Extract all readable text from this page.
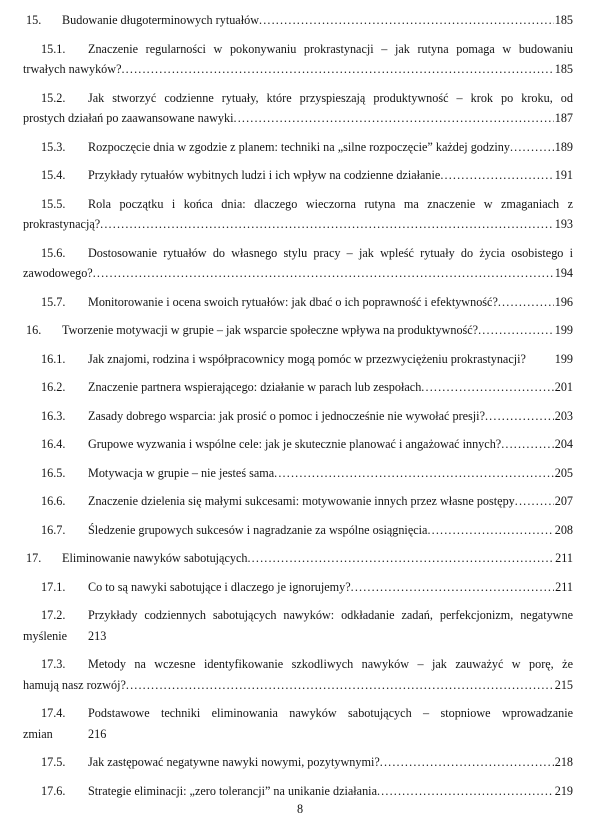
15.	Budowanie długoterminowych rytuałów .....	185
15.1.	Znaczenie regularności w pokonywaniu prokrastynacji – jak rutyna pomaga w budowaniu
trwałych nawyków? .....	185
15.2.	Jak stworzyć codzienne rytuały, które przyspieszają produktywność – krok po kroku, od
prostych działań po zaawansowane nawyki .....	187
15.3.	Rozpoczęcie dnia w zgodzie z planem: techniki na „silne rozpoczęcie” każdej godziny .....	189
15.4.	Przykłady rytuałów wybitnych ludzi i ich wpływ na codzienne działanie .....	191
15.5.	Rola początku i końca dnia: dlaczego wieczorna rutyna ma znaczenie w zmaganiach z
prokrastynacją? .....	193
15.6.	Dostosowanie rytuałów do własnego stylu pracy – jak wpleść rytuały do życia osobistego i
zawodowego? .....	194
15.7.	Monitorowanie i ocena swoich rytuałów: jak dbać o ich poprawność i efektywność? .....	196
16.	Tworzenie motywacji w grupie – jak wsparcie społeczne wpływa na produktywność? .....	199
16.1.	Jak znajomi, rodzina i współpracownicy mogą pomóc w przezwyciężeniu prokrastynacji? 199
16.2.	Znaczenie partnera wspierającego: działanie w parach lub zespołach .....	201
16.3.	Zasady dobrego wsparcia: jak prosić o pomoc i jednocześnie nie wywołać presji? .....	203
16.4.	Grupowe wyzwania i wspólne cele: jak je skutecznie planować i angażować innych? .....	204
16.5.	Motywacja w grupie – nie jesteś sama .....	205
16.6.	Znaczenie dzielenia się małymi sukcesami: motywowanie innych przez własne postępy .....	207
16.7.	Śledzenie grupowych sukcesów i nagradzanie za wspólne osiągnięcia .....	208
17.	Eliminowanie nawyków sabotujących .....	211
17.1.	Co to są nawyki sabotujące i dlaczego je ignorujemy? .....	211
17.2.	Przykłady codziennych sabotujących nawyków: odkładanie zadań, perfekcjonizm, negatywne
myślenie	213
17.3.	Metody na wczesne identyfikowanie szkodliwych nawyków – jak zauważyć w porę, że
hamują nasz rozwój? .....	215
17.4.	Podstawowe techniki eliminowania nawyków sabotujących – stopniowe wprowadzanie
zmian	216
17.5.	Jak zastępować negatywne nawyki nowymi, pozytywnymi? .....	218
17.6.	Strategie eliminacji: „zero tolerancji” na unikanie działania .....	219
8
